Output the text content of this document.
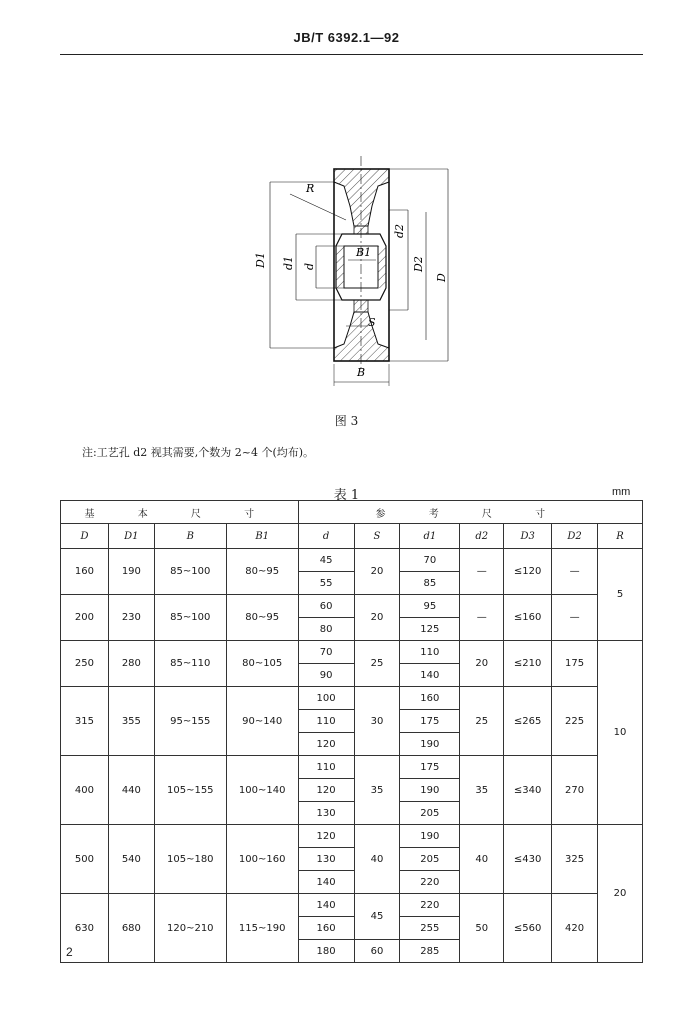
JB/T 6392.1—92
R
D1 d1 d
B1
d2
D2
D
S
B
图 3
注:工艺孔 d2 视其需要,个数为 2~4 个(均布)。
表 1	mm
基 本 尺 寸				参 考 尺 寸						
D	D1	B	B1	d	S	d1	d2	D3	D2	R
160	190	85~100	80~95	45	20	70	—	≤120	—	5
				55		85				
200	230	85~100	80~95	60	20	95	—	≤160	—	
				80		125				
250	280	85~110	80~105	70	25	110	20	≤210	175	10
				90		140				
315	355	95~155	90~140	100	30	160	25	≤265	225	
				110		175				
				120		190				
400	440	105~155	100~140	110	35	175	35	≤340	270	
				120		190				
				130		205				
500	540	105~180	100~160	120	40	190	40	≤430	325	20
				130		205				
				140		220				
630	680	120~210	115~190	140	45	220	50	≤560	420	
				160		255				
				180	60	285				
2
